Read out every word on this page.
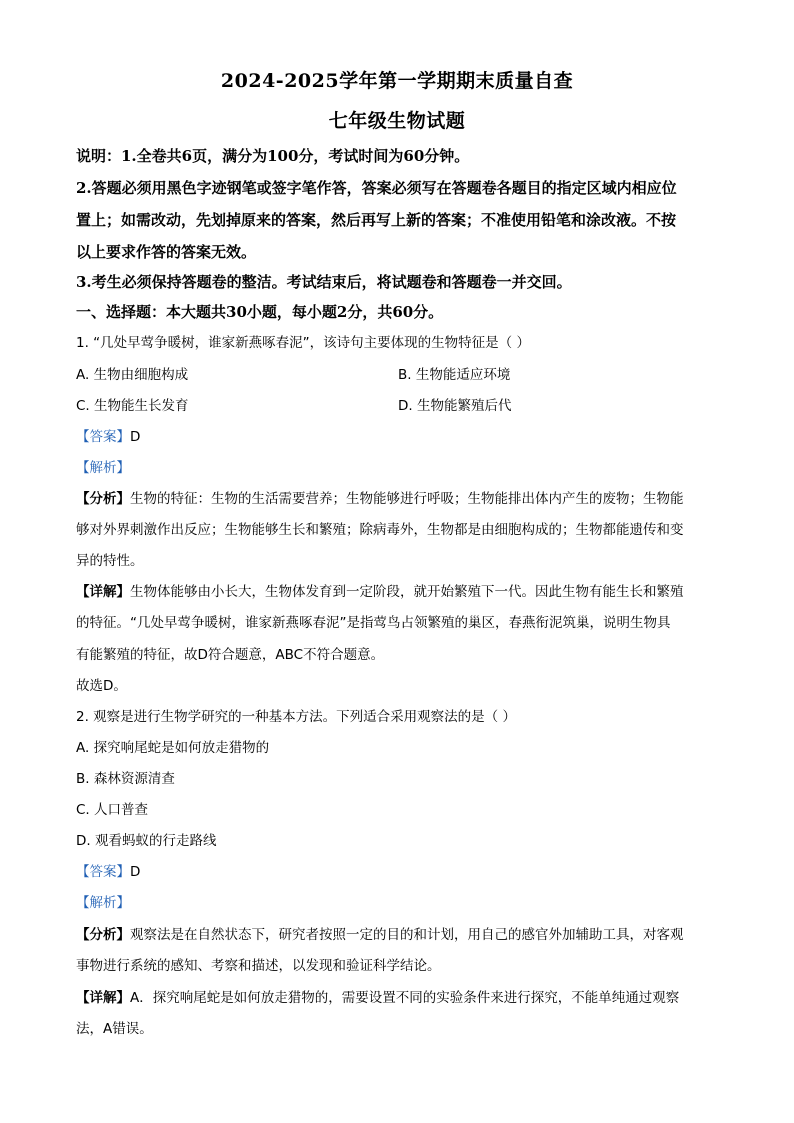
2024-2025学年第一学期期末质量自查
七年级生物试题
说明：1.全卷共6页，满分为100分，考试时间为60分钟。
2.答题必须用黑色字迹钢笔或签字笔作答，答案必须写在答题卷各题目的指定区域内相应位
置上；如需改动，先划掉原来的答案，然后再写上新的答案；不准使用铅笔和涂改液。不按
以上要求作答的答案无效。
3.考生必须保持答题卷的整洁。考试结束后，将试题卷和答题卷一并交回。
一、选择题：本大题共30小题，每小题2分，共60分。
1. “几处早莺争暖树，谁家新燕啄春泥”，该诗句主要体现的生物特征是（ ）
A. 生物由细胞构成	B. 生物能适应环境
C. 生物能生长发育	D. 生物能繁殖后代
【答案】D
【解析】
【分析】生物的特征：生物的生活需要营养；生物能够进行呼吸；生物能排出体内产生的废物；生物能
够对外界刺激作出反应；生物能够生长和繁殖；除病毒外，生物都是由细胞构成的；生物都能遗传和变
异的特性。
【详解】生物体能够由小长大，生物体发育到一定阶段，就开始繁殖下一代。因此生物有能生长和繁殖
的特征。“几处早莺争暖树，谁家新燕啄春泥”是指莺鸟占领繁殖的巢区，春燕衔泥筑巢，说明生物具
有能繁殖的特征，故D符合题意，ABC不符合题意。
故选D。
2. 观察是进行生物学研究的一种基本方法。下列适合采用观察法的是（ ）
A. 探究响尾蛇是如何放走猎物的
B. 森林资源清查
C. 人口普查
D. 观看蚂蚁的行走路线
【答案】D
【解析】
【分析】观察法是在自然状态下，研究者按照一定的目的和计划，用自己的感官外加辅助工具，对客观
事物进行系统的感知、考察和描述，以发现和验证科学结论。
【详解】A．探究响尾蛇是如何放走猎物的，需要设置不同的实验条件来进行探究，不能单纯通过观察
法，A错误。
